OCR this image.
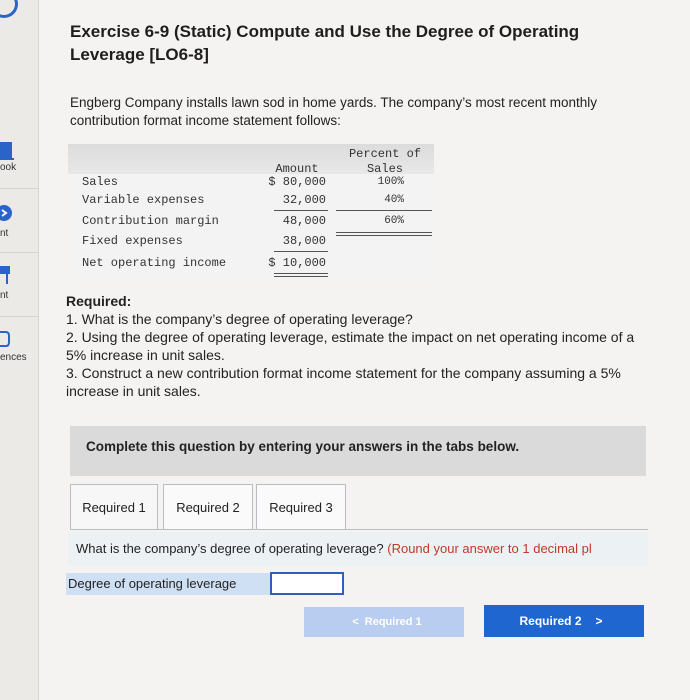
ook
nt
nt
ences
Exercise 6-9 (Static) Compute and Use the Degree of Operating Leverage [LO6-8]
Engberg Company installs lawn sod in home yards. The company’s most recent monthly contribution format income statement follows:
Amount
Percent of
Sales
Sales	$ 80,000	100%
Variable expenses	32,000	40%
Contribution margin	48,000	60%
Fixed expenses	38,000
Net operating income	$ 10,000
Required:
1. What is the company’s degree of operating leverage?
2. Using the degree of operating leverage, estimate the impact on net operating income of a 5% increase in unit sales.
3. Construct a new contribution format income statement for the company assuming a 5% increase in unit sales.
Complete this question by entering your answers in the tabs below.
Required 1	Required 2	Required 3
What is the company’s degree of operating leverage? (Round your answer to 1 decimal pl
Degree of operating leverage
< Required 1	Required 2 >
